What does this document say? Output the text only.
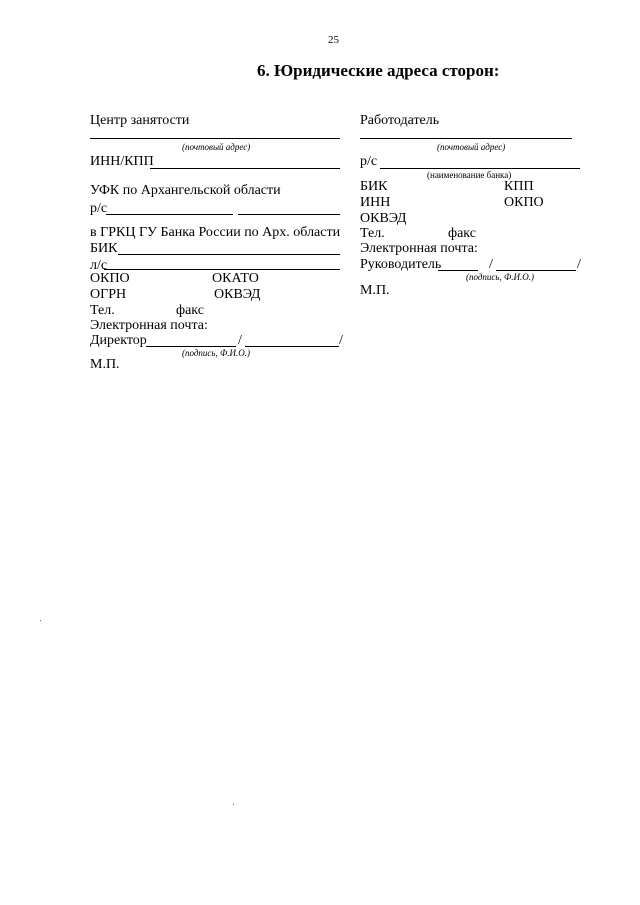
25
6. Юридические адреса сторон:
Центр занятости
(почтовый адрес)
ИНН/КПП
УФК по Архангельской области
р/с
в ГРКЦ ГУ Банка России по Арх. области
БИК
л/с
ОКПО	ОКАТО
ОГРН	ОКВЭД
Тел.	факс
Электронная почта:
Директор	/	/
(подпись, Ф.И.О.)
М.П.
Работодатель
(почтовый адрес)
р/с
(наименование банка)
БИК	КПП
ИНН	ОКПО
ОКВЭД
Тел.	факс
Электронная почта:
Руководитель	/	/
(подпись, Ф.И.О.)
М.П.
